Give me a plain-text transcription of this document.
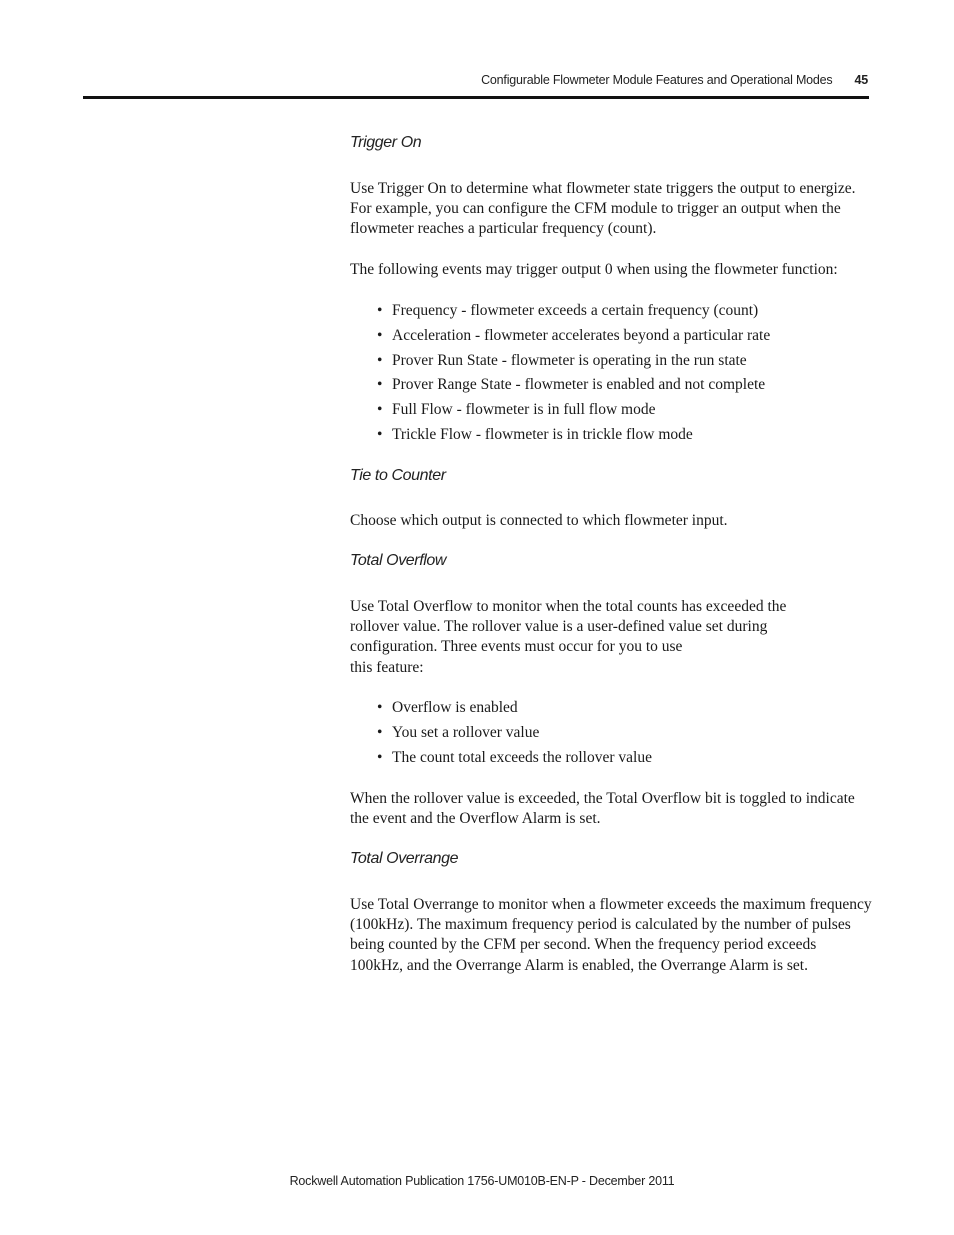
Configurable Flowmeter Module Features and Operational Modes 45
Trigger On
Use Trigger On to determine what flowmeter state triggers the output to energize. For example, you can configure the CFM module to trigger an output when the flowmeter reaches a particular frequency (count).
The following events may trigger output 0 when using the flowmeter function:
• Frequency - flowmeter exceeds a certain frequency (count)
• Acceleration - flowmeter accelerates beyond a particular rate
• Prover Run State - flowmeter is operating in the run state
• Prover Range State - flowmeter is enabled and not complete
• Full Flow - flowmeter is in full flow mode
• Trickle Flow - flowmeter is in trickle flow mode
Tie to Counter
Choose which output is connected to which flowmeter input.
Total Overflow
Use Total Overflow to monitor when the total counts has exceeded the
rollover value. The rollover value is a user-defined value set during
configuration. Three events must occur for you to use
this feature:
• Overflow is enabled
• You set a rollover value
• The count total exceeds the rollover value
When the rollover value is exceeded, the Total Overflow bit is toggled to indicate the event and the Overflow Alarm is set.
Total Overrange
Use Total Overrange to monitor when a flowmeter exceeds the maximum frequency (100kHz). The maximum frequency period is calculated by the number of pulses being counted by the CFM per second. When the frequency period exceeds 100kHz, and the Overrange Alarm is enabled, the Overrange Alarm is set.
Rockwell Automation Publication 1756-UM010B-EN-P - December 2011
